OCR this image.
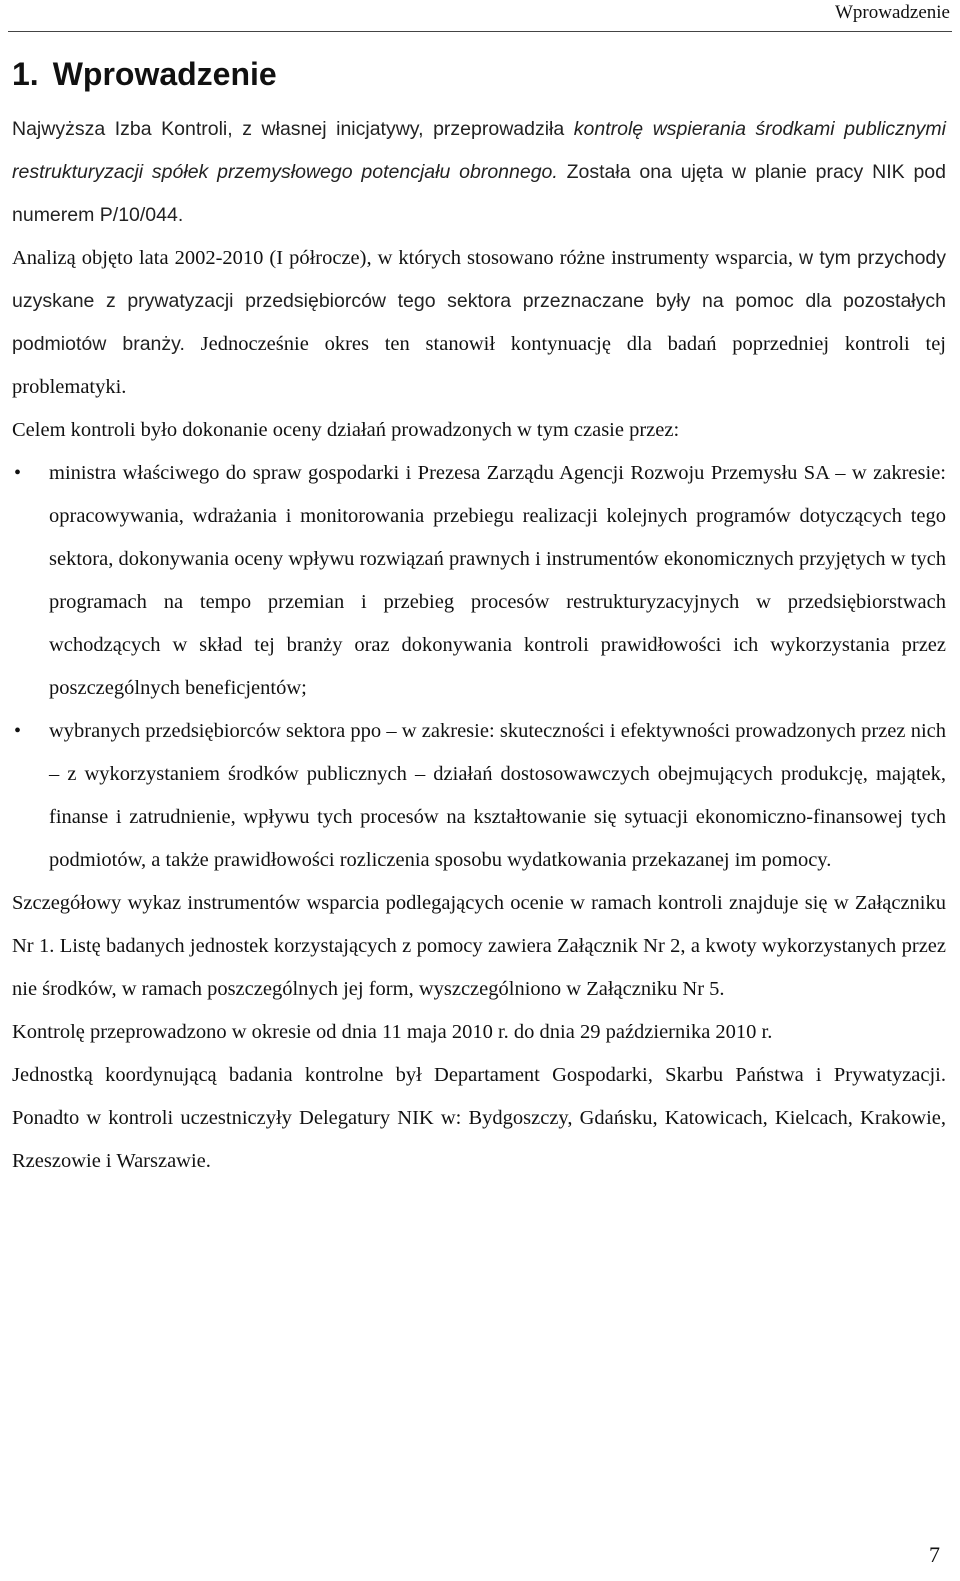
Wprowadzenie
1. Wprowadzenie

Najwyższa Izba Kontroli, z własnej inicjatywy, przeprowadziła kontrolę wspierania środkami publicznymi restrukturyzacji spółek przemysłowego potencjału obronnego. Została ona ujęta w planie pracy NIK pod numerem P/10/044.

Analizą objęto lata 2002-2010 (I półrocze), w których stosowano różne instrumenty wsparcia, w tym przychody uzyskane z prywatyzacji przedsiębiorców tego sektora przeznaczane były na pomoc dla pozostałych podmiotów branży. Jednocześnie okres ten stanowił kontynuację dla badań poprzedniej kontroli tej problematyki.

Celem kontroli było dokonanie oceny działań prowadzonych w tym czasie przez:

• ministra właściwego do spraw gospodarki i Prezesa Zarządu Agencji Rozwoju Przemysłu SA – w zakresie: opracowywania, wdrażania i monitorowania przebiegu realizacji kolejnych programów dotyczących tego sektora, dokonywania oceny wpływu rozwiązań prawnych i instrumentów ekonomicznych przyjętych w tych programach na tempo przemian i przebieg procesów restrukturyzacyjnych w przedsiębiorstwach wchodzących w skład tej branży oraz dokonywania kontroli prawidłowości ich wykorzystania przez poszczególnych beneficjentów;
• wybranych przedsiębiorców sektora ppo – w zakresie: skuteczności i efektywności prowadzonych przez nich – z wykorzystaniem środków publicznych – działań dostosowawczych obejmujących produkcję, majątek, finanse i zatrudnienie, wpływu tych procesów na kształtowanie się sytuacji ekonomiczno-finansowej tych podmiotów, a także prawidłowości rozliczenia sposobu wydatkowania przekazanej im pomocy.

Szczegółowy wykaz instrumentów wsparcia podlegających ocenie w ramach kontroli znajduje się w Załączniku Nr 1. Listę badanych jednostek korzystających z pomocy zawiera Załącznik Nr 2, a kwoty wykorzystanych przez nie środków, w ramach poszczególnych jej form, wyszczególniono w Załączniku Nr 5.

Kontrolę przeprowadzono w okresie od dnia 11 maja 2010 r. do dnia 29 października 2010 r.

Jednostką koordynującą badania kontrolne był Departament Gospodarki, Skarbu Państwa i Prywatyzacji. Ponadto w kontroli uczestniczyły Delegatury NIK w: Bydgoszczy, Gdańsku, Katowicach, Kielcach, Krakowie, Rzeszowie i Warszawie.

7
